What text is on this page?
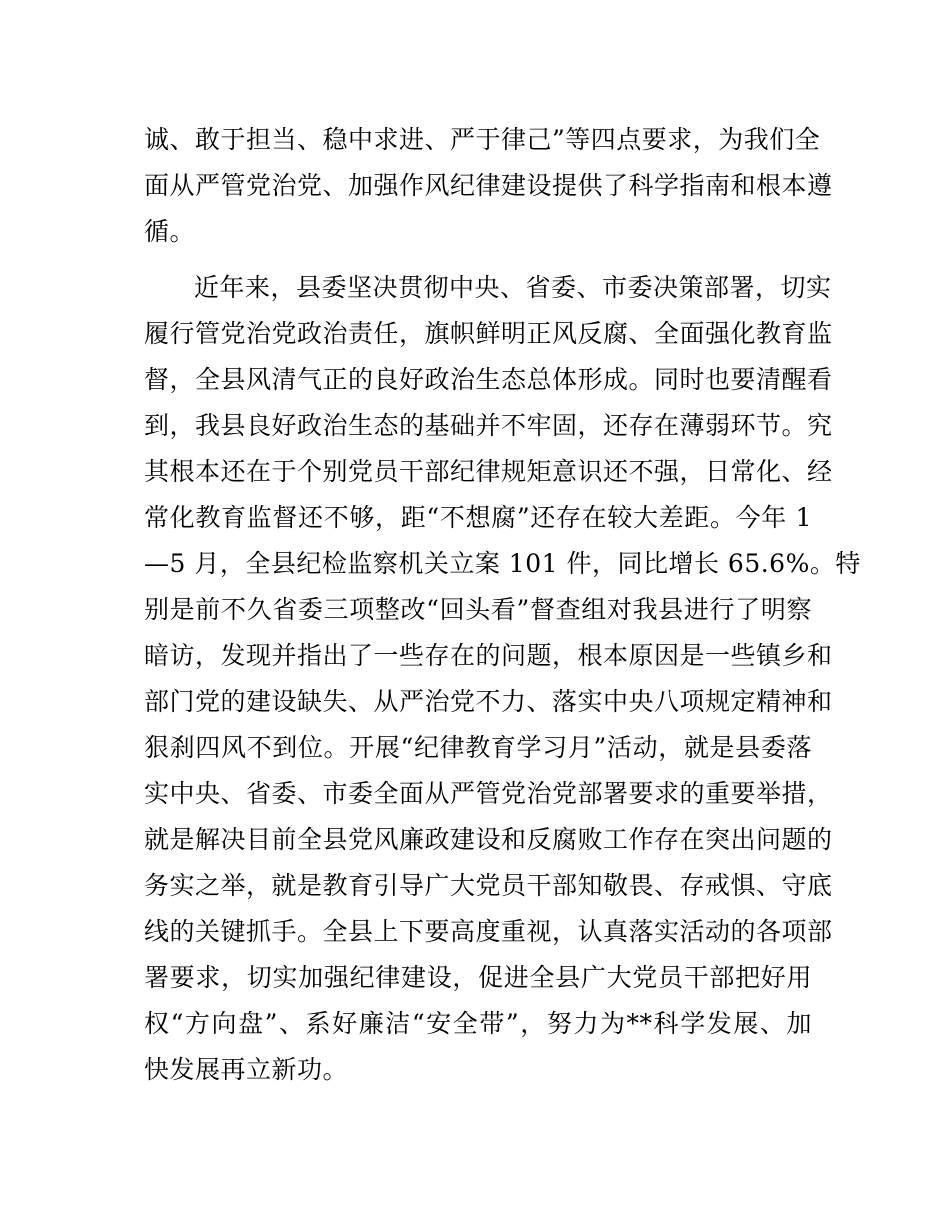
诚、敢于担当、稳中求进、严于律己”等四点要求，为我们全
面从严管党治党、加强作风纪律建设提供了科学指南和根本遵
循。
近年来，县委坚决贯彻中央、省委、市委决策部署，切实
履行管党治党政治责任，旗帜鲜明正风反腐、全面强化教育监
督，全县风清气正的良好政治生态总体形成。同时也要清醒看
到，我县良好政治生态的基础并不牢固，还存在薄弱环节。究
其根本还在于个别党员干部纪律规矩意识还不强，日常化、经
常化教育监督还不够，距“不想腐”还存在较大差距。今年 1
—5 月，全县纪检监察机关立案 101 件，同比增长 65.6%。特
别是前不久省委三项整改“回头看”督查组对我县进行了明察
暗访，发现并指出了一些存在的问题，根本原因是一些镇乡和
部门党的建设缺失、从严治党不力、落实中央八项规定精神和
狠刹四风不到位。开展“纪律教育学习月”活动，就是县委落
实中央、省委、市委全面从严管党治党部署要求的重要举措，
就是解决目前全县党风廉政建设和反腐败工作存在突出问题的
务实之举，就是教育引导广大党员干部知敬畏、存戒惧、守底
线的关键抓手。全县上下要高度重视，认真落实活动的各项部
署要求，切实加强纪律建设，促进全县广大党员干部把好用
权“方向盘”、系好廉洁“安全带”，努力为**科学发展、加
快发展再立新功。
